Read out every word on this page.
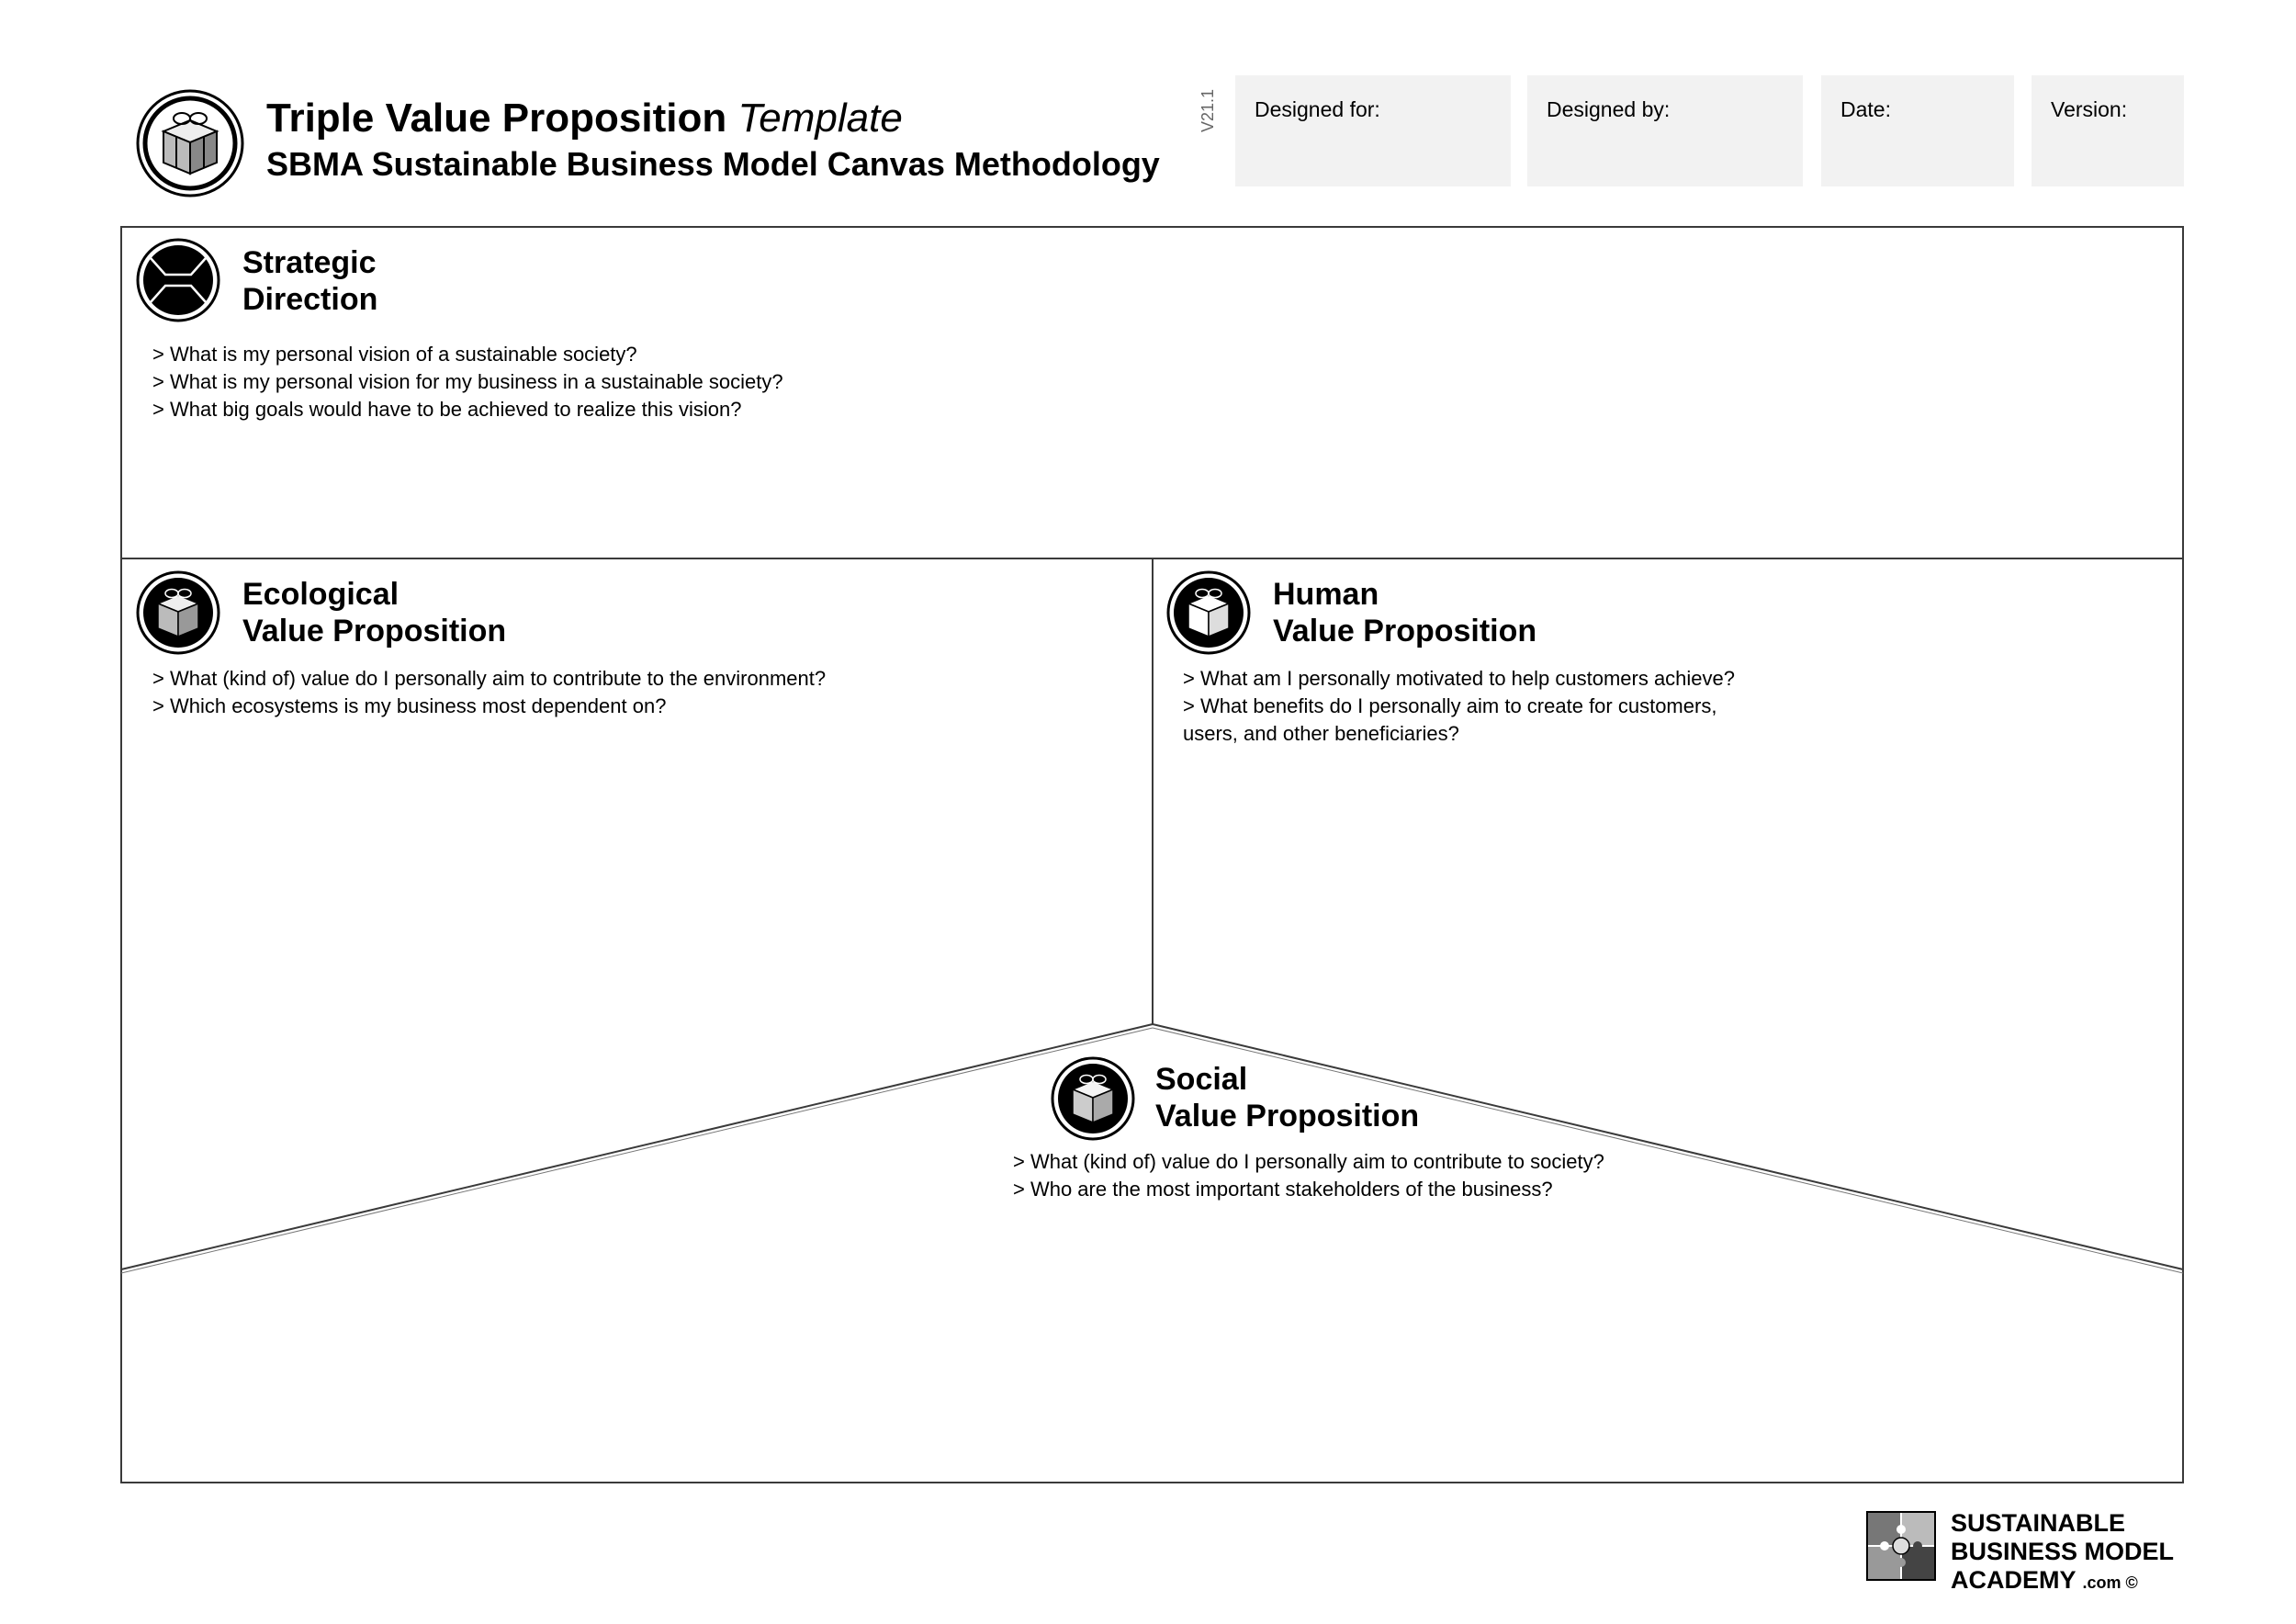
Triple Value Proposition Template
SBMA Sustainable Business Model Canvas Methodology
V21.1 Designed for:	Designed by:	Date:	Version:
Strategic
Direction
> What is my personal vision of a sustainable society?
> What is my personal vision for my business in a sustainable society?
> What big goals would have to be achieved to realize this vision?
Ecological
Value Proposition
> What (kind of) value do I personally aim to contribute to the environment?
> Which ecosystems is my business most dependent on?
Human
Value Proposition
> What am I personally motivated to help customers achieve?
> What benefits do I personally aim to create for customers,
users, and other beneficiaries?
Social
Value Proposition
> What (kind of) value do I personally aim to contribute to society?
> Who are the most important stakeholders of the business?
SUSTAINABLE
BUSINESS MODEL
ACADEMY .com ©
